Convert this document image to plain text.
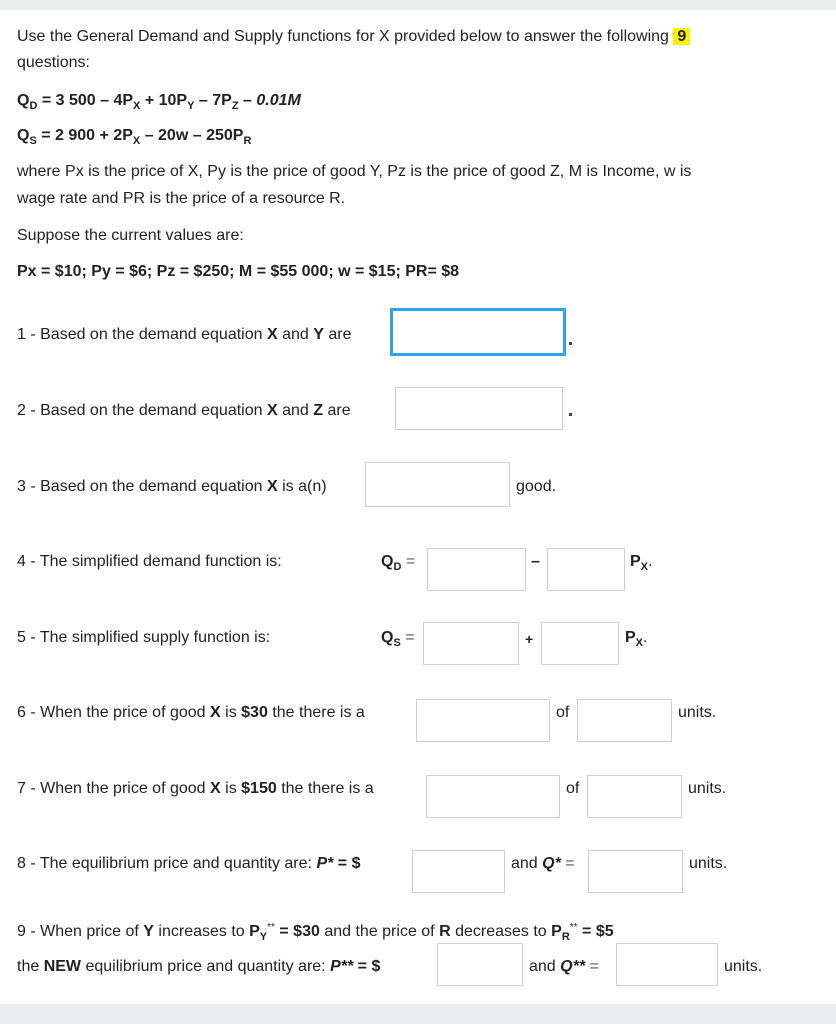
Use the General Demand and Supply functions for X provided below to answer the following 9
questions:
$Q_D = 3$ $500 - 4P_X + 10P_Y - 7P_Z - 0.01M$
$Q_S = 2$ $900 + 2P_X - 20w - 250P_R$
where Px is the price of X, Py is the price of good Y, Pz is the price of good Z, M is Income, w is
wage rate and PR is the price of a resource R.
Suppose the current values are:
Px = $10; Py = $6; Pz = $250; M = $55 000; w = $15; PR= $8
1 - Based on the demand equation X and Y are
2 - Based on the demand equation X and Z are
3 - Based on the demand equation X is a(n)	good.
4 - The simplified demand function is:	$Q_D$ =	–	$P_X$.
5 - The simplified supply function is:	$Q_S$ =	+	$P_X$.
6 - When the price of good X is $30 the there is a	of	units.
7 - When the price of good X is $150 the there is a	of	units.
8 - The equilibrium price and quantity are: P* = $	and Q* =	units.
9 - When price of Y increases to $P_Y^{**}$ = $30 and the price of R decreases to $P_R^{**}$ = $5
the NEW equilibrium price and quantity are: P** = $	and Q** =	units.
